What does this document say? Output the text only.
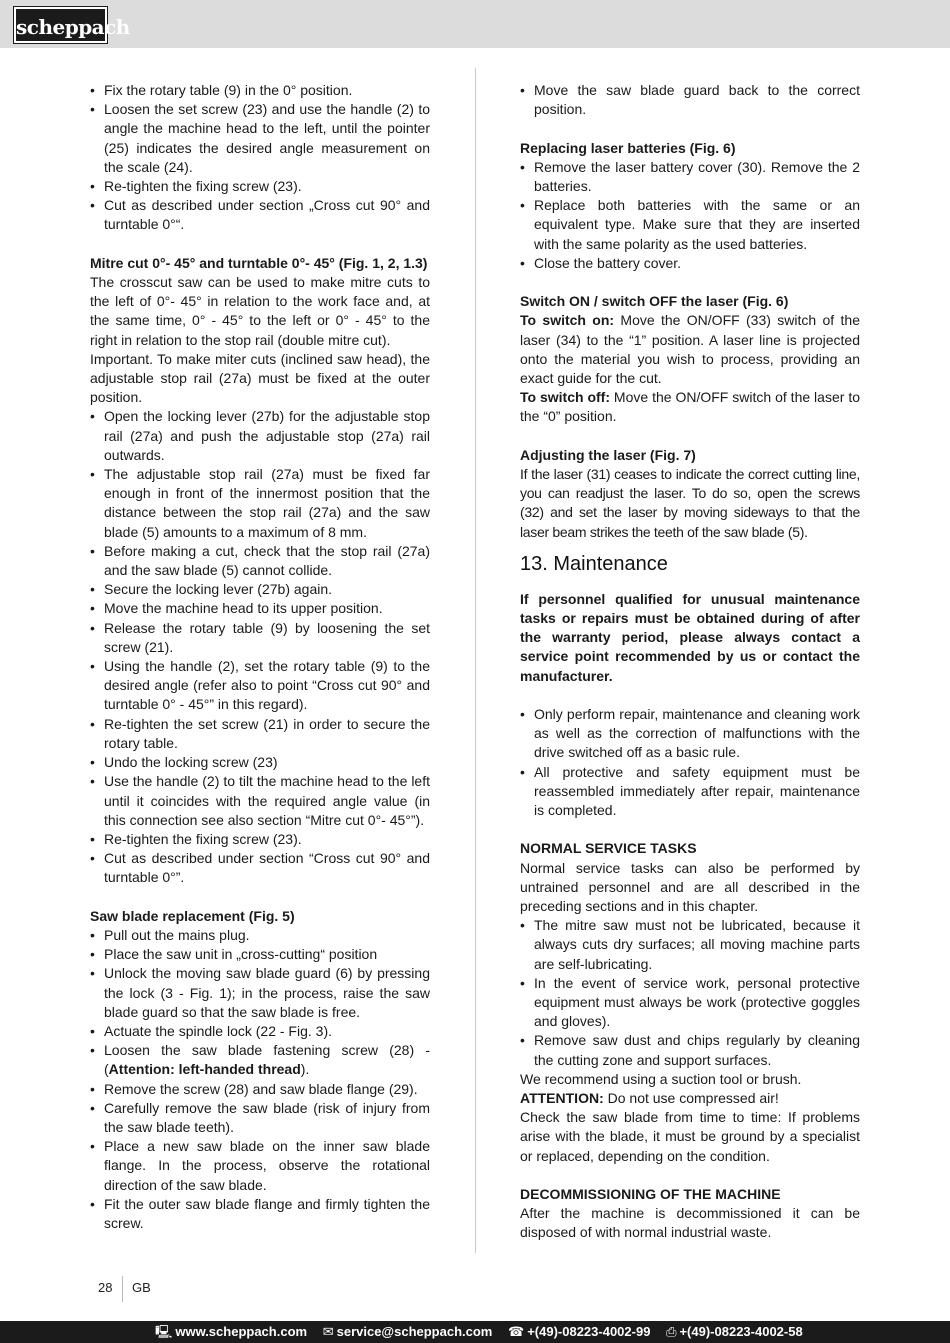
scheppach
• Fix the rotary table (9) in the 0° position.
• Loosen the set screw (23) and use the handle (2) to angle the machine head to the left, until the pointer (25) indicates the desired angle measurement on the scale (24).
• Re-tighten the fixing screw (23).
• Cut as described under section „Cross cut 90° and turntable 0°“.

Mitre cut 0°- 45° and turntable 0°- 45° (Fig. 1, 2, 1.3)

The crosscut saw can be used to make mitre cuts to the left of 0°- 45° in relation to the work face and, at the same time, 0° - 45° to the left or 0° - 45° to the right in relation to the stop rail (double mitre cut).

Important. To make miter cuts (inclined saw head), the adjustable stop rail (27a) must be fixed at the outer position.

• Open the locking lever (27b) for the adjustable stop rail (27a) and push the adjustable stop (27a) rail outwards.
• The adjustable stop rail (27a) must be fixed far enough in front of the innermost position that the distance between the stop rail (27a) and the saw blade (5) amounts to a maximum of 8 mm.
• Before making a cut, check that the stop rail (27a) and the saw blade (5) cannot collide.
• Secure the locking lever (27b) again.
• Move the machine head to its upper position.
• Release the rotary table (9) by loosening the set screw (21).
• Using the handle (2), set the rotary table (9) to the desired angle (refer also to point “Cross cut 90° and turntable 0° - 45°” in this regard).
• Re-tighten the set screw (21) in order to secure the rotary table.
• Undo the locking screw (23)
• Use the handle (2) to tilt the machine head to the left until it coincides with the required angle value (in this connection see also section “Mitre cut 0°- 45°”).
• Re-tighten the fixing screw (23).
• Cut as described under section “Cross cut 90° and turntable 0°”.

Saw blade replacement (Fig. 5)

• Pull out the mains plug.
• Place the saw unit in „cross-cutting“ position
• Unlock the moving saw blade guard (6) by pressing the lock (3 - Fig. 1); in the process, raise the saw blade guard so that the saw blade is free.
• Actuate the spindle lock (22 - Fig. 3).
• Loosen the saw blade fastening screw (28) - (Attention: left-handed thread).
• Remove the screw (28) and saw blade flange (29).
• Carefully remove the saw blade (risk of injury from the saw blade teeth).
• Place a new saw blade on the inner saw blade flange. In the process, observe the rotational direction of the saw blade.
• Fit the outer saw blade flange and firmly tighten the screw.
• Move the saw blade guard back to the correct position.

Replacing laser batteries (Fig. 6)

• Remove the laser battery cover (30). Remove the 2 batteries.
• Replace both batteries with the same or an equivalent type. Make sure that they are inserted with the same polarity as the used batteries.
• Close the battery cover.

Switch ON / switch OFF the laser (Fig. 6)

To switch on: Move the ON/OFF (33) switch of the laser (34) to the “1” position. A laser line is projected onto the material you wish to process, providing an exact guide for the cut.

To switch off: Move the ON/OFF switch of the laser to the “0” position.

Adjusting the laser (Fig. 7)

If the laser (31) ceases to indicate the correct cutting line, you can readjust the laser. To do so, open the screws (32) and set the laser by moving sideways to that the laser beam strikes the teeth of the saw blade (5).

13. Maintenance

If personnel qualified for unusual maintenance tasks or repairs must be obtained during of after the warranty period, please always contact a service point recommended by us or contact the manufacturer.

• Only perform repair, maintenance and cleaning work as well as the correction of malfunctions with the drive switched off as a basic rule.
• All protective and safety equipment must be reassembled immediately after repair, maintenance is completed.

NORMAL SERVICE TASKS

Normal service tasks can also be performed by untrained personnel and are all described in the preceding sections and in this chapter.

• The mitre saw must not be lubricated, because it always cuts dry surfaces; all moving machine parts are self-lubricating.
• In the event of service work, personal protective equipment must always be work (protective goggles and gloves).
• Remove saw dust and chips regularly by cleaning the cutting zone and support surfaces.

We recommend using a suction tool or brush.

ATTENTION: Do not use compressed air!

Check the saw blade from time to time: If problems arise with the blade, it must be ground by a specialist or replaced, depending on the condition.

DECOMMISSIONING OF THE MACHINE

After the machine is decommissioned it can be disposed of with normal industrial waste.

28 GB
🖳︎ www.scheppach.com ✉ service@scheppach.com ☎ +(49)-08223-4002-99 ⎙ +(49)-08223-4002-58
